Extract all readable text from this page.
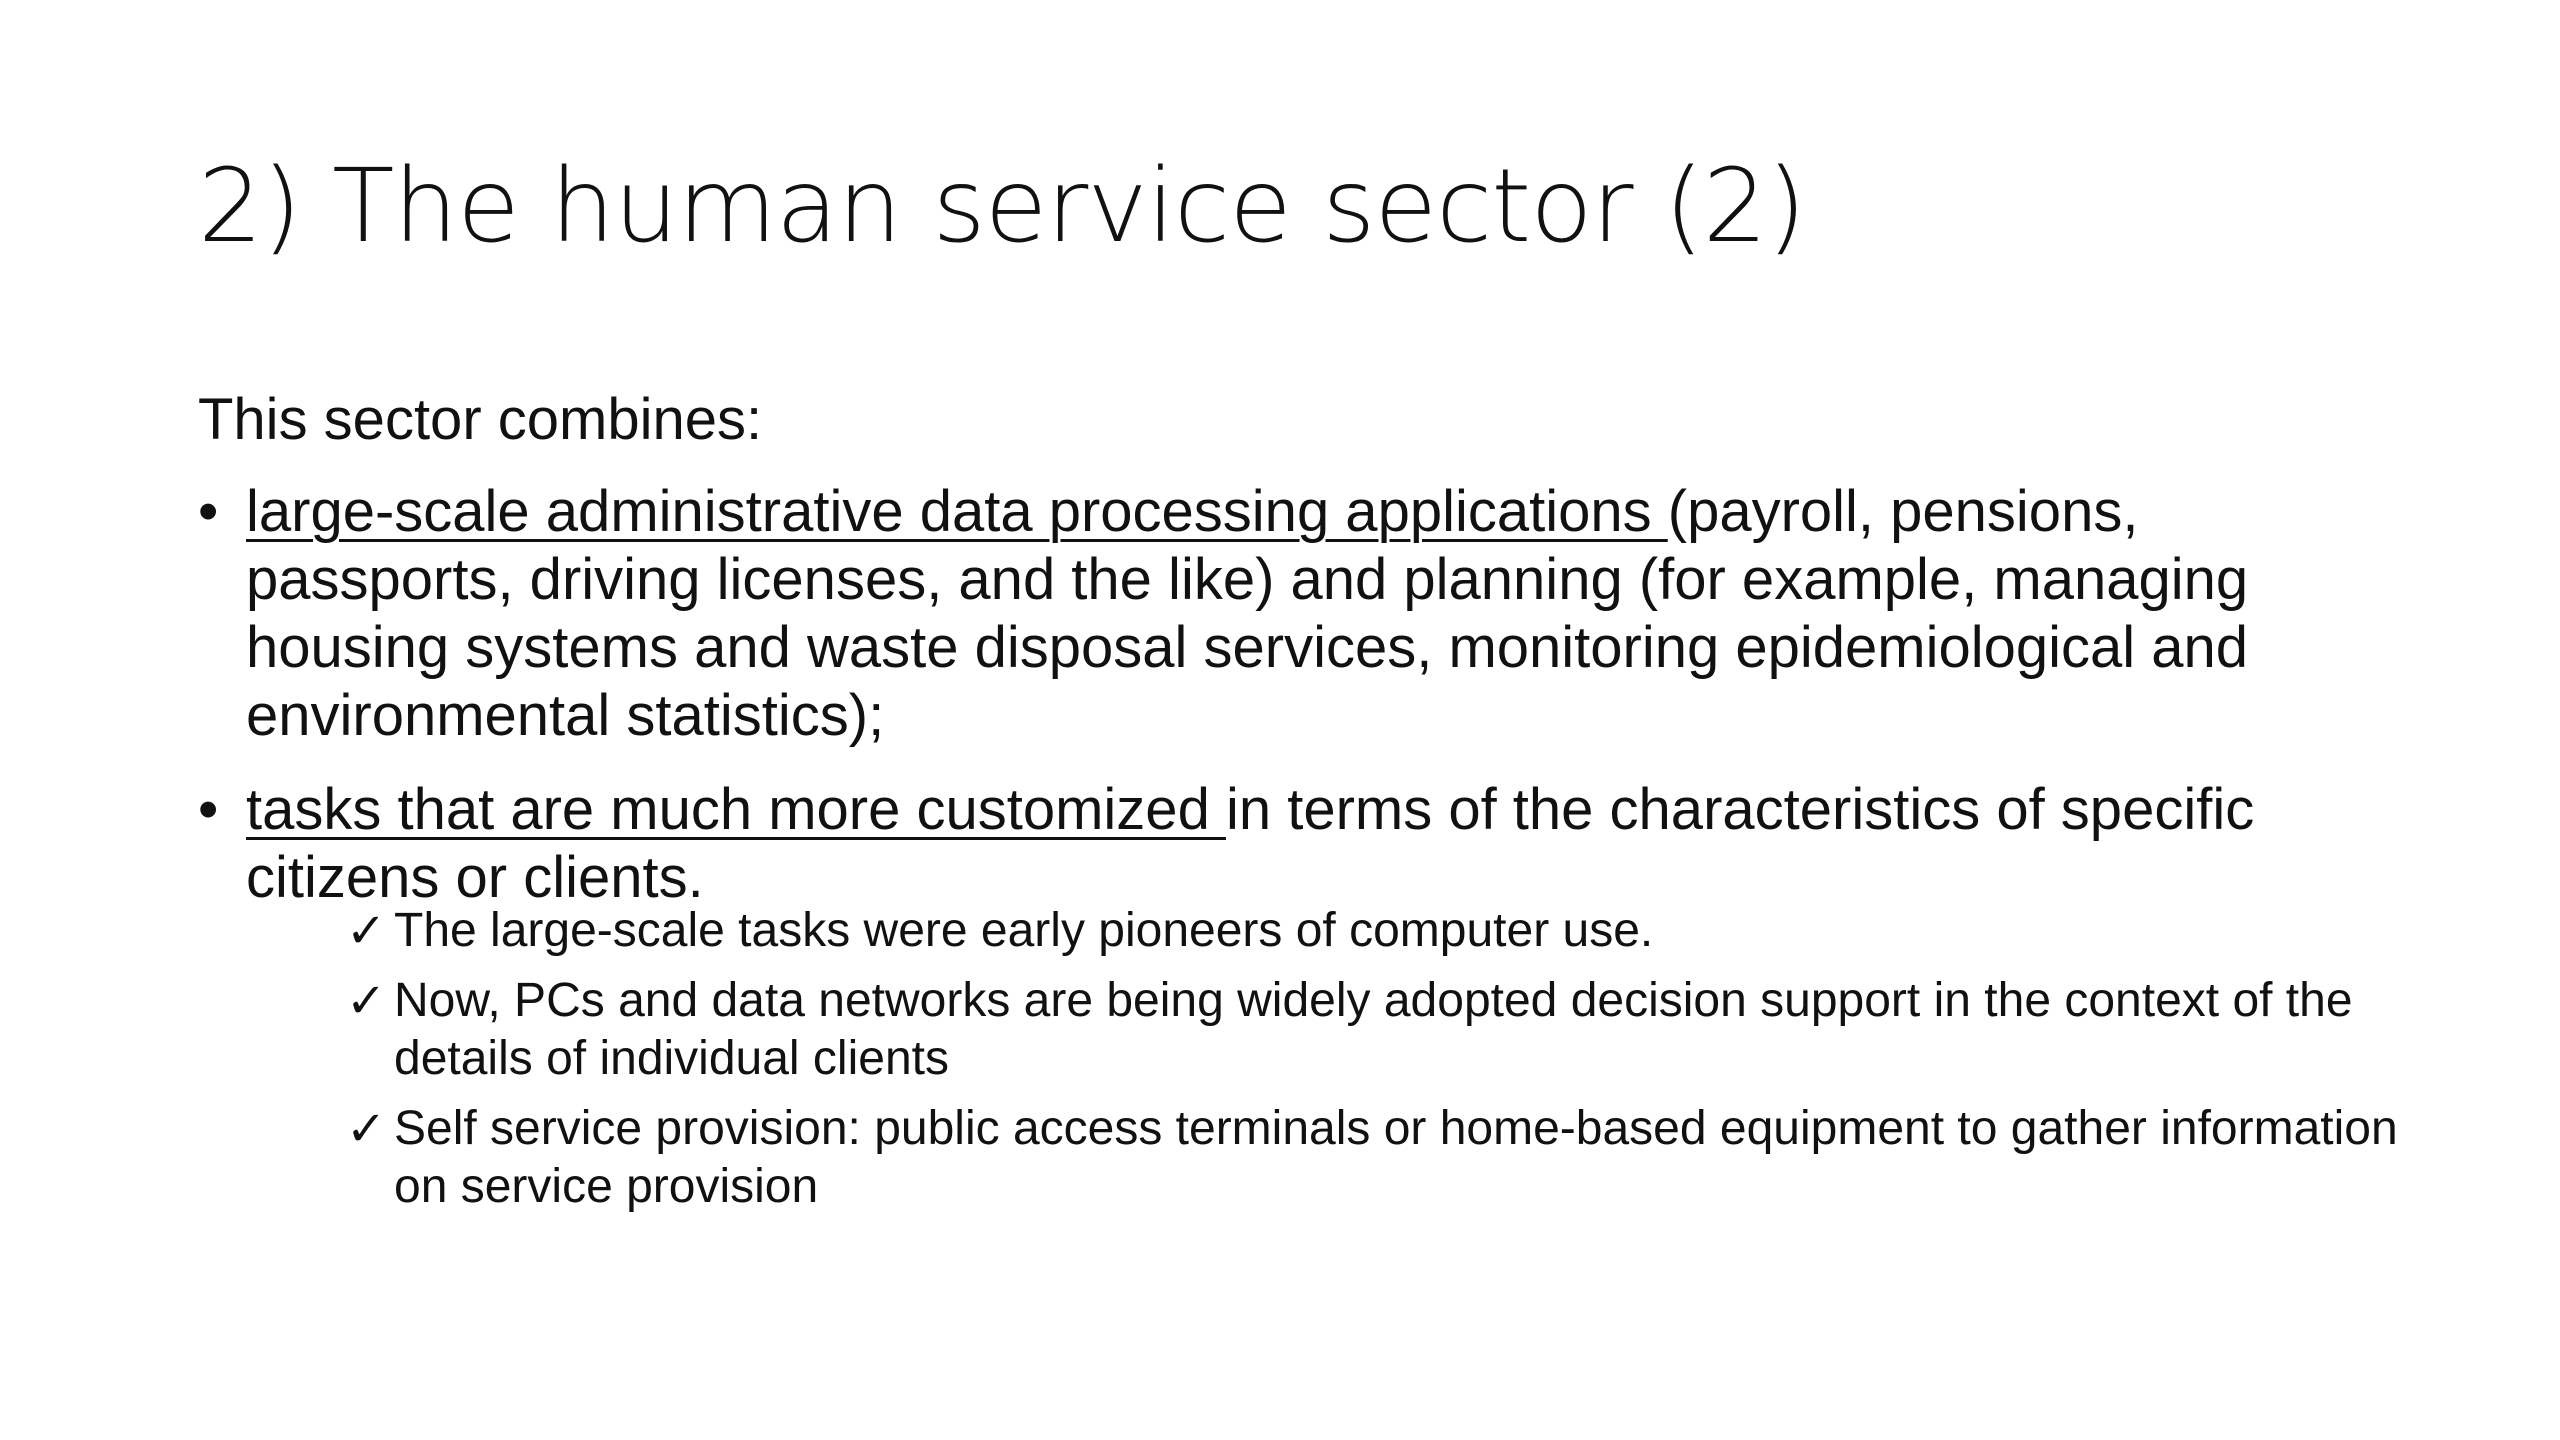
2) The human service sector (2)

This sector combines:

• large-scale administrative data processing applications (payroll, pensions, passports, driving licenses, and the like) and planning (for example, managing housing systems and waste disposal services, monitoring epidemiological and environmental statistics);
• tasks that are much more customized in terms of the characteristics of specific citizens or clients.
✓ The large-scale tasks were early pioneers of computer use.
✓ Now, PCs and data networks are being widely adopted decision support in the context of the details of individual clients
✓ Self service provision: public access terminals or home-based equipment to gather information on service provision
